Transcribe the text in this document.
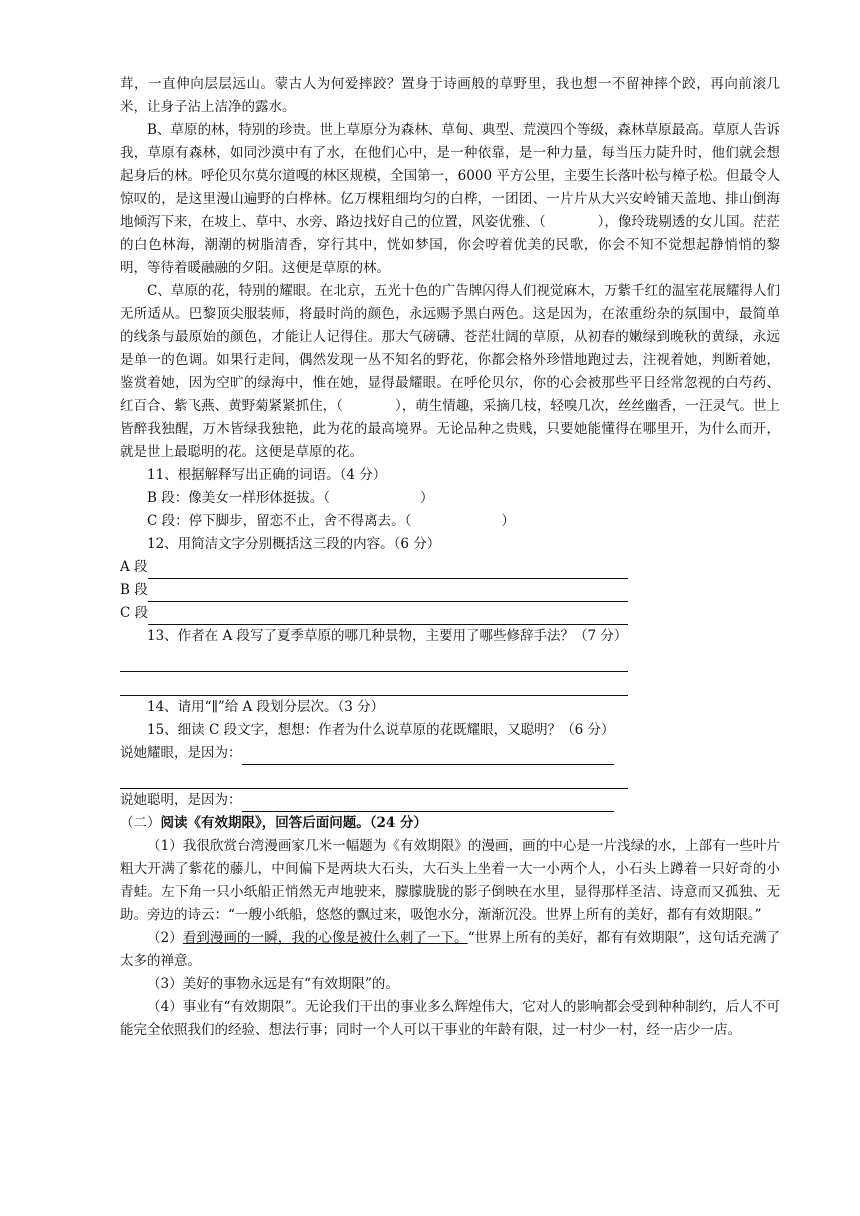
茸，一直伸向层层远山。蒙古人为何爱摔跤？置身于诗画般的草野里，我也想一不留神摔个跤，再向前滚几米，让身子沾上洁净的露水。

B、草原的林，特别的珍贵。世上草原分为森林、草甸、典型、荒漠四个等级，森林草原最高。草原人告诉我，草原有森林，如同沙漠中有了水，在他们心中，是一种依靠，是一种力量，每当压力陡升时，他们就会想起身后的林。呼伦贝尔莫尔道嘎的林区规模，全国第一，6000 平方公里，主要生长落叶松与樟子松。但最令人惊叹的，是这里漫山遍野的白桦林。亿万棵粗细均匀的白桦，一团团、一片片从大兴安岭铺天盖地、排山倒海地倾泻下来，在坡上、草中、水旁、路边找好自己的位置，风姿优雅、（	），像玲珑剔透的女儿国。茫茫的白色林海，潮潮的树脂清香，穿行其中，恍如梦国，你会哼着优美的民歌，你会不知不觉想起静悄悄的黎明，等待着暖融融的夕阳。这便是草原的林。

C、草原的花，特别的耀眼。在北京，五光十色的广告牌闪得人们视觉麻木，万紫千红的温室花展耀得人们无所适从。巴黎顶尖服装师，将最时尚的颜色，永远赐予黑白两色。这是因为，在浓重纷杂的氛围中，最简单的线条与最原始的颜色，才能让人记得住。那大气磅礴、苍茫壮阔的草原，从初春的嫩绿到晚秋的黄绿，永远是单一的色调。如果行走间，偶然发现一丛不知名的野花，你都会格外珍惜地跑过去，注视着她，判断着她，鉴赏着她，因为空旷的绿海中，惟在她，显得最耀眼。在呼伦贝尔，你的心会被那些平日经常忽视的白芍药、红百合、紫飞燕、黄野菊紧紧抓住，（	），萌生情趣，采摘几枝，轻嗅几次，丝丝幽香，一汪灵气。世上皆醉我独醒，万木皆绿我独艳，此为花的最高境界。无论品种之贵贱，只要她能懂得在哪里开，为什么而开，就是世上最聪明的花。这便是草原的花。

11、根据解释写出正确的词语。（4 分）

B 段：像美女一样形体挺拔。（	）

C 段：停下脚步，留恋不止，舍不得离去。（	）

12、用简洁文字分别概括这三段的内容。（6 分）

A 段
B 段
C 段

13、作者在 A 段写了夏季草原的哪几种景物，主要用了哪些修辞手法？（7 分）

14、请用“∥”给 A 段划分层次。（3 分）

15、细读 C 段文字，想想：作者为什么说草原的花既耀眼，又聪明？（6 分）

说她耀眼，是因为：
说她聪明，是因为：

（二）阅读《有效期限》，回答后面问题。（24 分）

（1）我很欣赏台湾漫画家几米一幅题为《有效期限》的漫画，画的中心是一片浅绿的水，上部有一些叶片粗大开满了紫花的藤儿，中间偏下是两块大石头，大石头上坐着一大一小两个人，小石头上蹲着一只好奇的小青蛙。左下角一只小纸船正悄然无声地驶来，朦朦胧胧的影子倒映在水里，显得那样圣洁、诗意而又孤独、无助。旁边的诗云：“一艘小纸船，悠悠的飘过来，吸饱水分，渐渐沉没。世界上所有的美好，都有有效期限。”

（2）看到漫画的一瞬，我的心像是被什么刺了一下。“世界上所有的美好，都有有效期限”，这句话充满了太多的禅意。

（3）美好的事物永远是有“有效期限”的。

（4）事业有“有效期限”。无论我们干出的事业多么辉煌伟大，它对人的影响都会受到种种制约，后人不可能完全依照我们的经验、想法行事；同时一个人可以干事业的年龄有限，过一村少一村，经一店少一店。
